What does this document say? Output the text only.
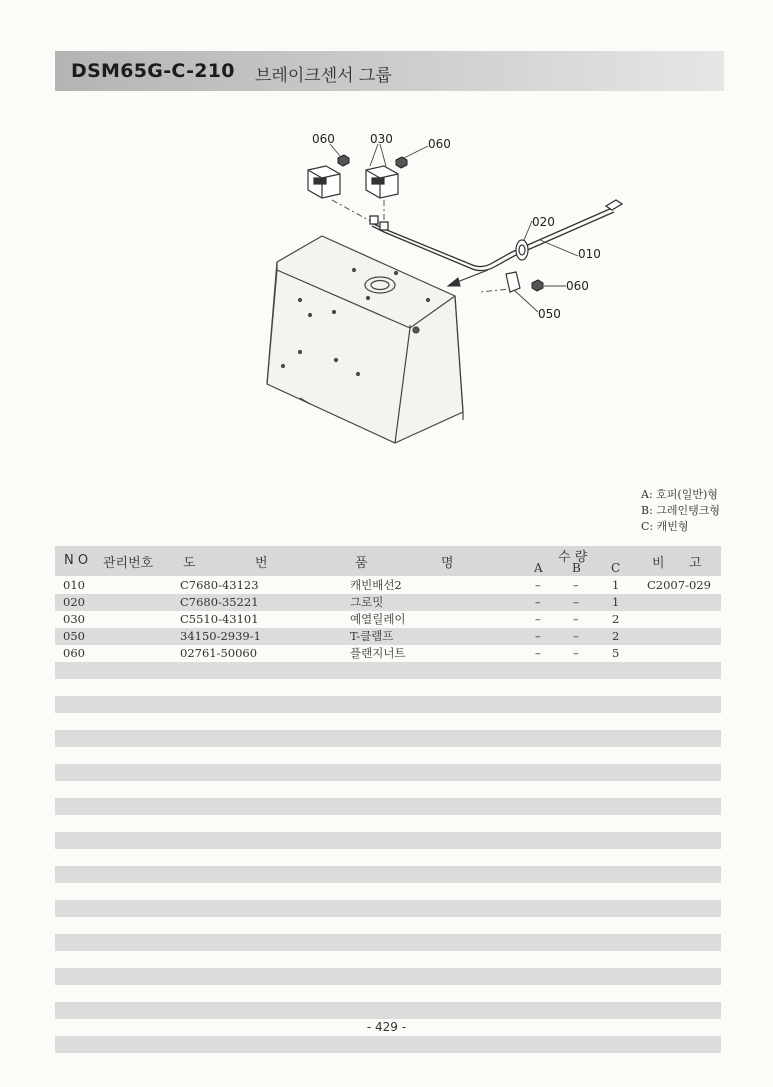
DSM65G-C-210 브레이크센서 그룹
060	030	060
020
010
060
050
A: 호퍼(일반)형
B: 그레인탱크형
C: 캐빈형
N O 관리번호 도	번	품	명	수 량
A B	C 비 고
010	C7680-43123	캐빈배선2	–	–	1 C2007-029
020	C7680-35221	그로밋	–	–	1
030	C5510-43101	예열릴레이	–	–	2
050	34150-2939-1	T-클램프	–	–	2
060	02761-50060	플랜지너트	–	–	5
- 429 -
